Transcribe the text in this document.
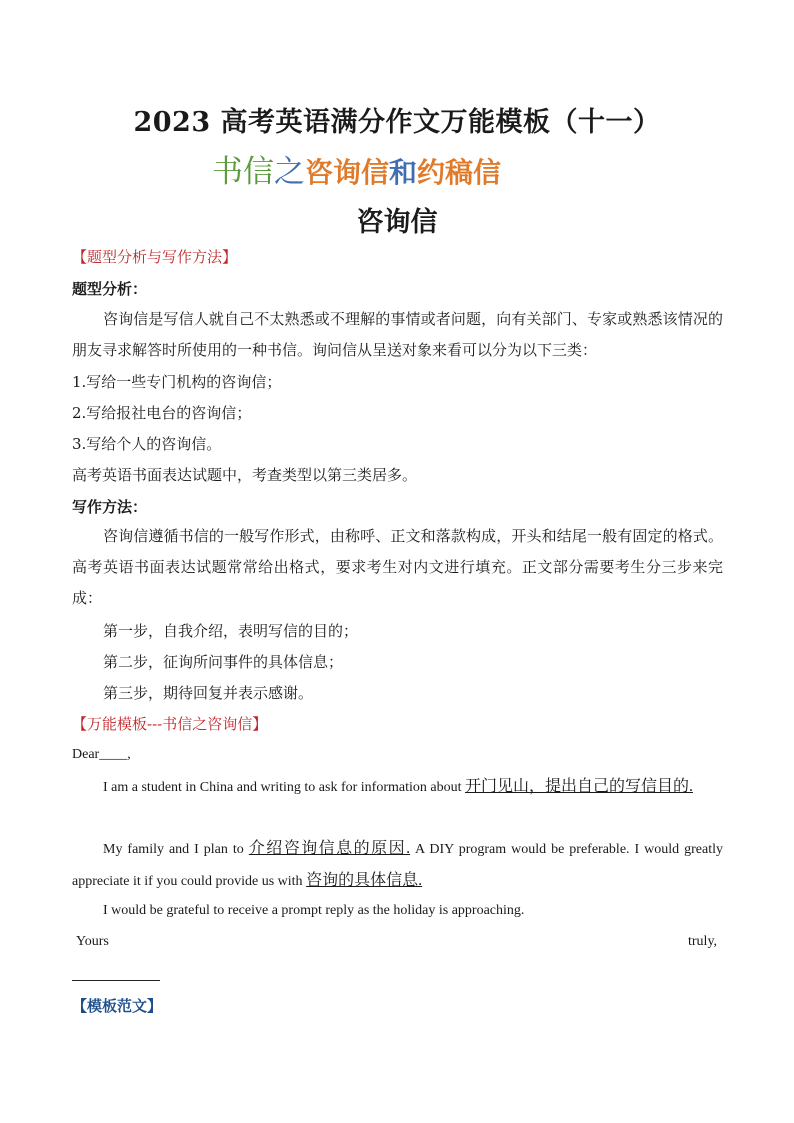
2023 高考英语满分作文万能模板（十一）
书信之咨询信和约稿信
咨询信
【题型分析与写作方法】
题型分析：
咨询信是写信人就自己不太熟悉或不理解的事情或者问题，向有关部门、专家或熟悉该情况的朋友寻求解答时所使用的一种书信。询问信从呈送对象来看可以分为以下三类：
1.写给一些专门机构的咨询信；
2.写给报社电台的咨询信；
3.写给个人的咨询信。
高考英语书面表达试题中，考查类型以第三类居多。
写作方法：
咨询信遵循书信的一般写作形式，由称呼、正文和落款构成，开头和结尾一般有固定的格式。高考英语书面表达试题常常给出格式，要求考生对内文进行填充。正文部分需要考生分三步来完成：
第一步，自我介绍，表明写信的目的；
第二步，征询所问事件的具体信息；
第三步，期待回复并表示感谢。
【万能模板---书信之咨询信】
Dear____,
I am a student in China and writing to ask for information about 开门见山，提出自己的写信目的.
My family and I plan to 介绍咨询信息的原因. A DIY program would be preferable. I would greatly appreciate it if you could provide us with 咨询的具体信息.
I would be grateful to receive a prompt reply as the holiday is approaching.
Yours	truly,
【模板范文】
